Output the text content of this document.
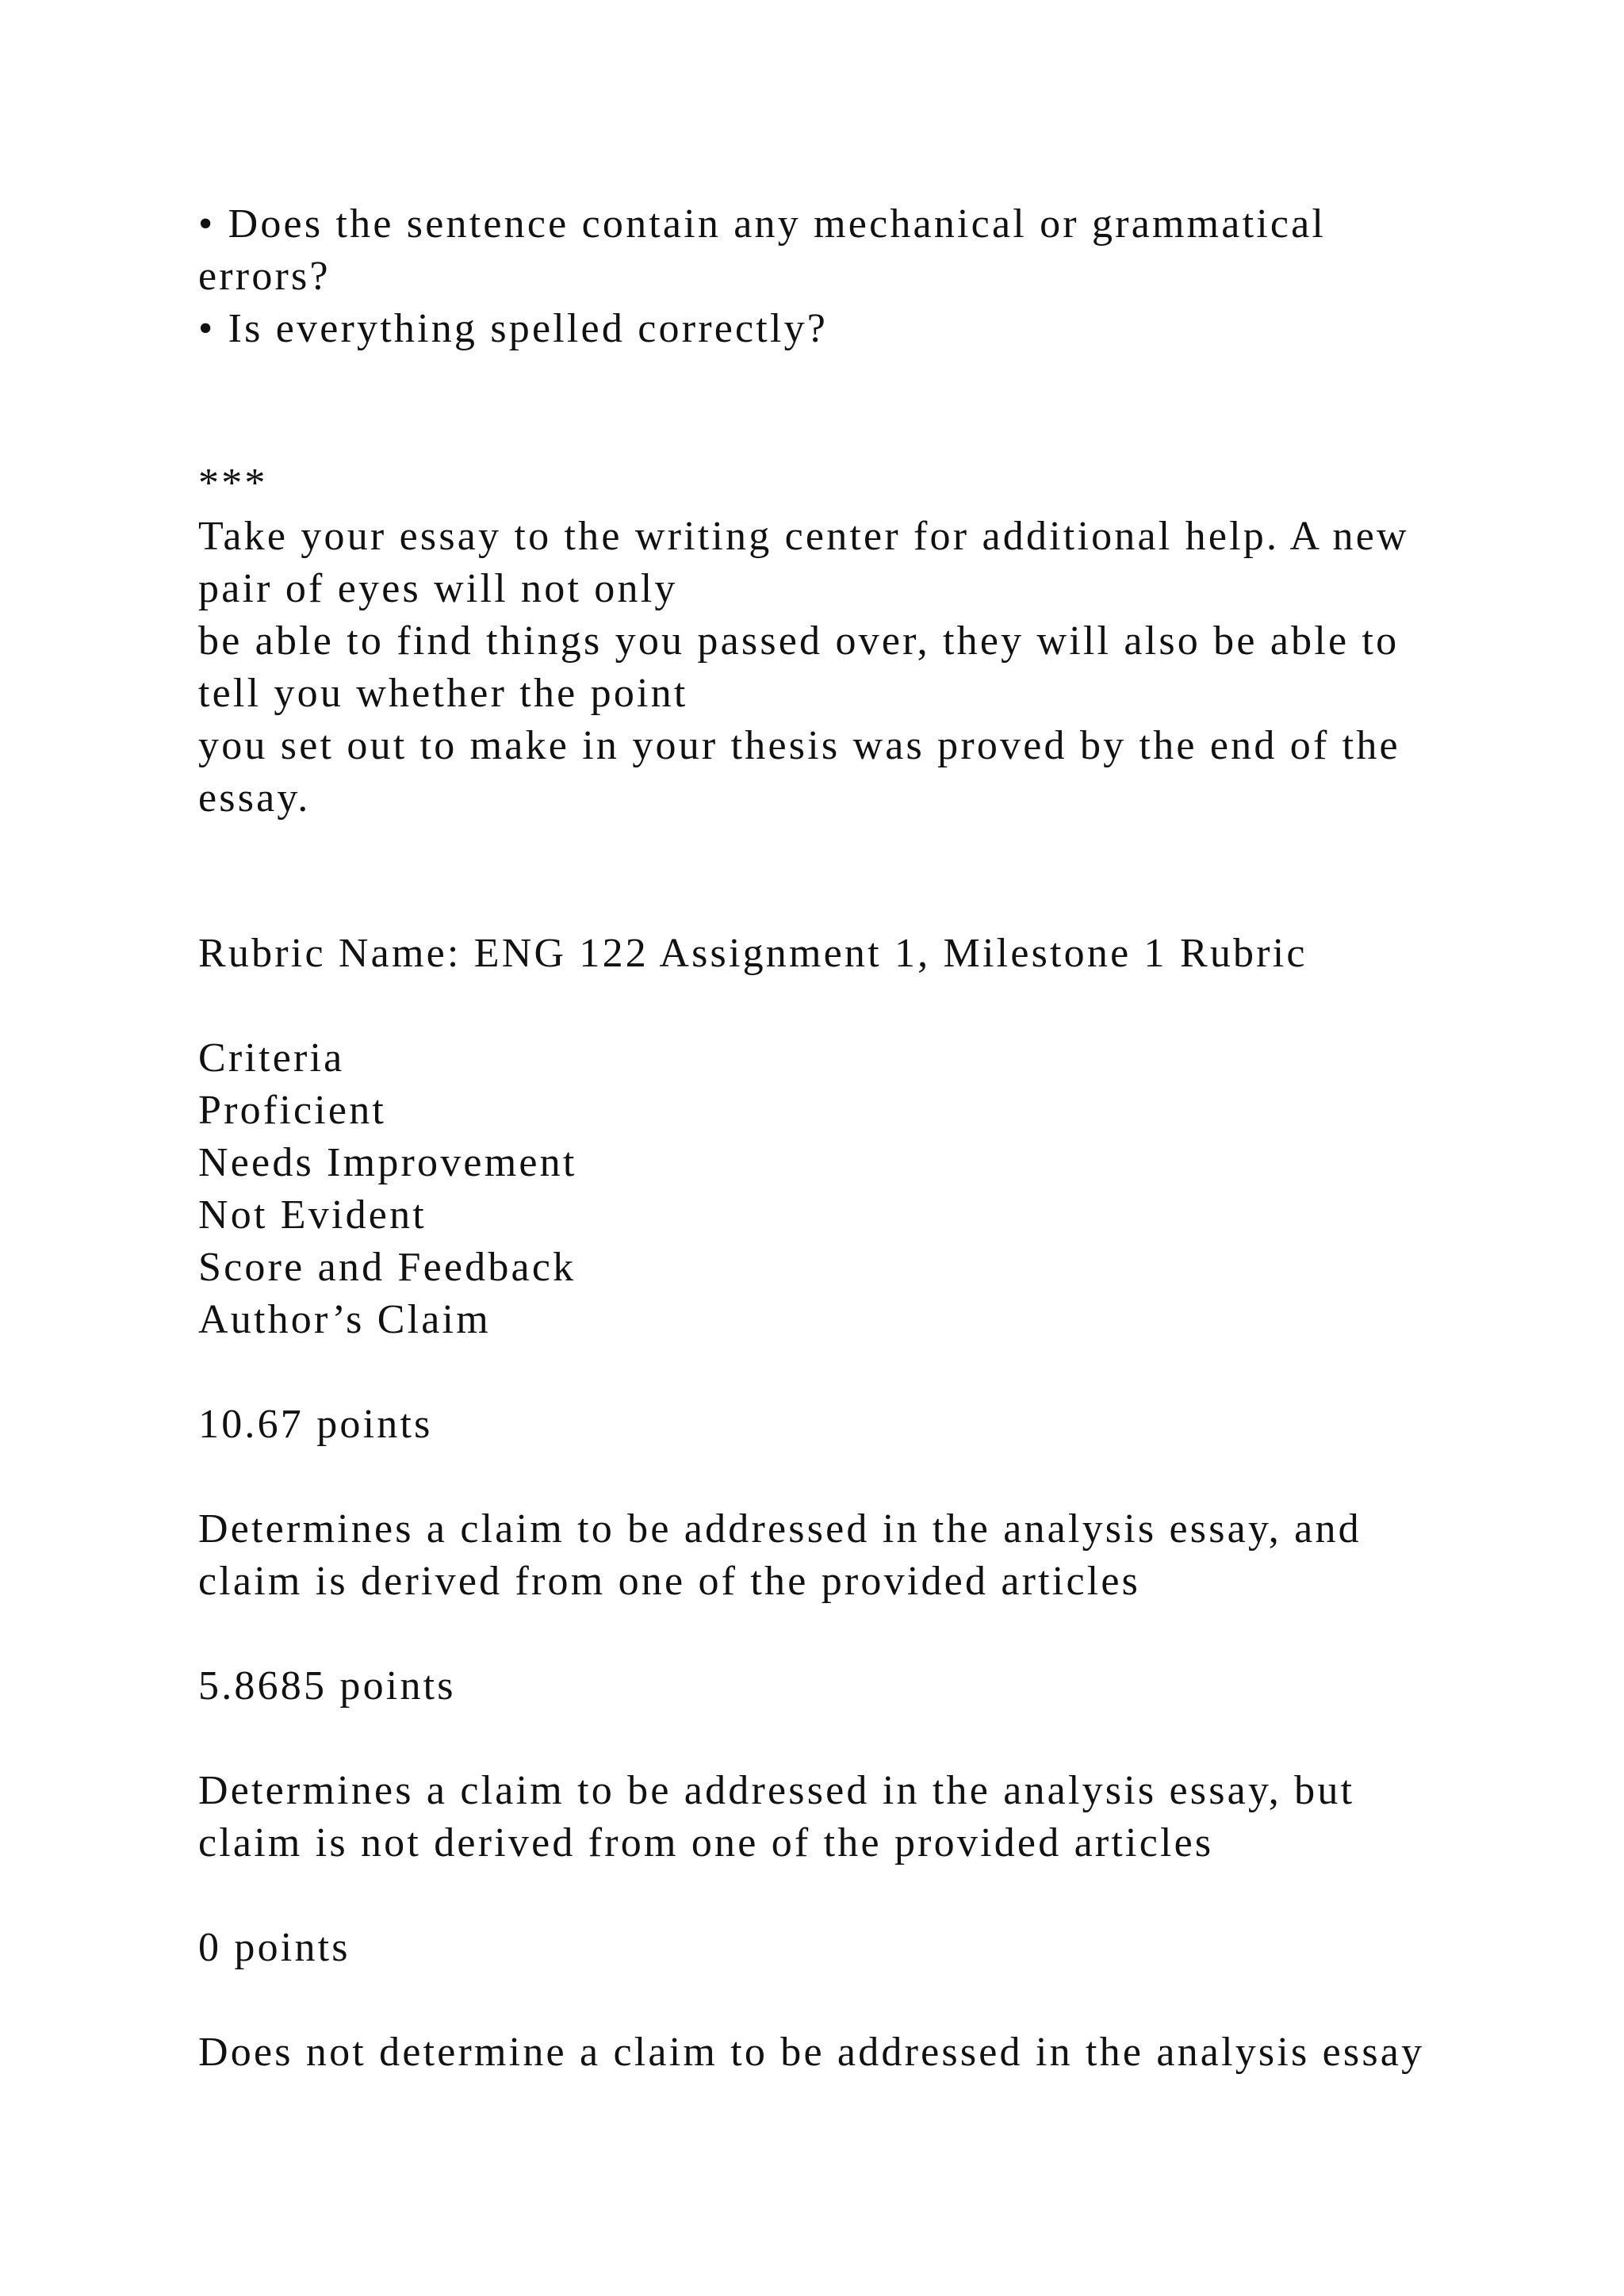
• Does the sentence contain any mechanical or grammatical
errors?
• Is everything spelled correctly?
***
Take your essay to the writing center for additional help. A new
pair of eyes will not only
be able to find things you passed over, they will also be able to
tell you whether the point
you set out to make in your thesis was proved by the end of the
essay.
Rubric Name: ENG 122 Assignment 1, Milestone 1 Rubric
Criteria
Proficient
Needs Improvement
Not Evident
Score and Feedback
Author’s Claim
10.67 points
Determines a claim to be addressed in the analysis essay, and
claim is derived from one of the provided articles
5.8685 points
Determines a claim to be addressed in the analysis essay, but
claim is not derived from one of the provided articles
0 points
Does not determine a claim to be addressed in the analysis essay
